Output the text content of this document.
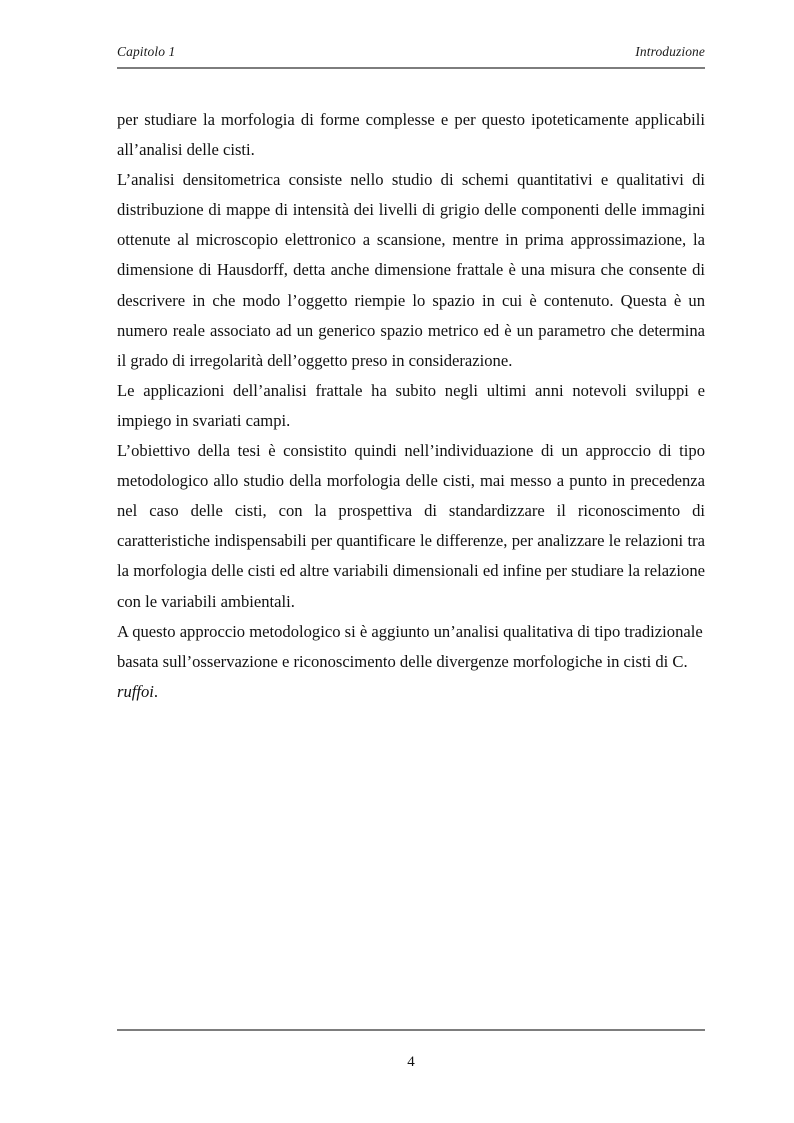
Capitolo 1	Introduzione

per studiare la morfologia di forme complesse e per questo ipoteticamente applicabili all’analisi delle cisti.

L’analisi densitometrica consiste nello studio di schemi quantitativi e qualitativi di distribuzione di mappe di intensità dei livelli di grigio delle componenti delle immagini ottenute al microscopio elettronico a scansione, mentre in prima approssimazione, la dimensione di Hausdorff, detta anche dimensione frattale è una misura che consente di descrivere in che modo l’oggetto riempie lo spazio in cui è contenuto. Questa è un numero reale associato ad un generico spazio metrico ed è un parametro che determina il grado di irregolarità dell’oggetto preso in considerazione.

Le applicazioni dell’analisi frattale ha subito negli ultimi anni notevoli sviluppi e impiego in svariati campi.

L’obiettivo della tesi è consistito quindi nell’individuazione di un approccio di tipo metodologico allo studio della morfologia delle cisti, mai messo a punto in precedenza nel caso delle cisti, con la prospettiva di standardizzare il riconoscimento di caratteristiche indispensabili per quantificare le differenze, per analizzare le relazioni tra la morfologia delle cisti ed altre variabili dimensionali ed infine per studiare la relazione con le variabili ambientali.

A questo approccio metodologico si è aggiunto un’analisi qualitativa di tipo tradizionale basata sull’osservazione e riconoscimento delle divergenze morfologiche in cisti di C. ruffoi.

4
